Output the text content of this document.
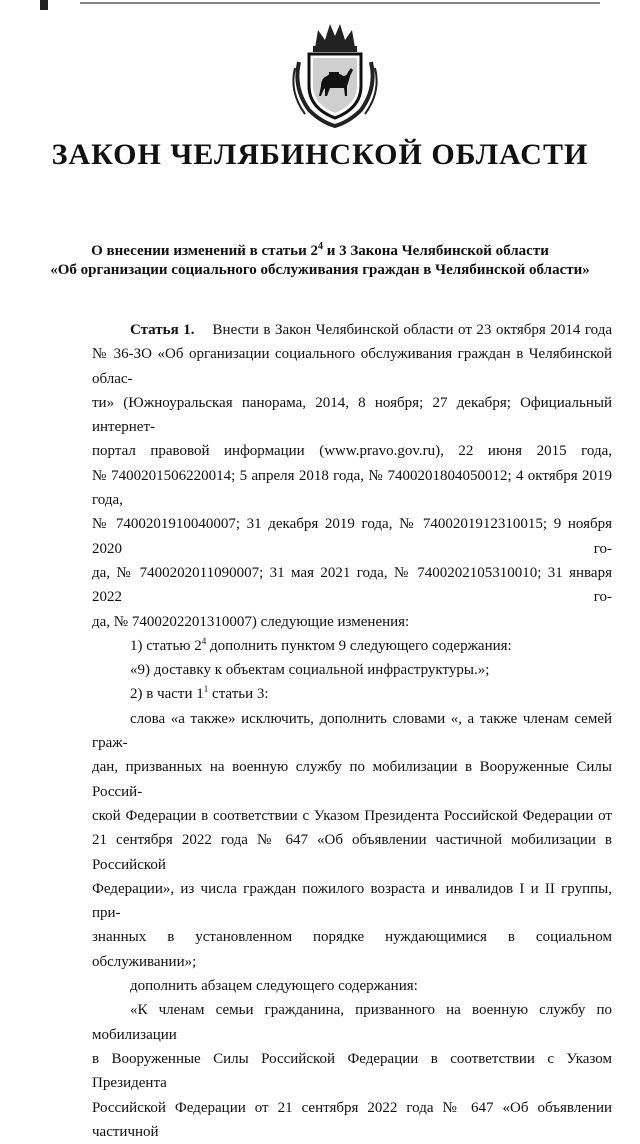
ЗАКОН ЧЕЛЯБИНСКОЙ ОБЛАСТИ
О внесении изменений в статьи $2^4$ и 3 Закона Челябинской области
«Об организации социального обслуживания граждан в Челябинской области»

Статья 1. Внести в Закон Челябинской области от 23 октября 2014 года

№ 36-ЗО «Об организации социального обслуживания граждан в Челябинской облас-

ти» (Южноуральская панорама, 2014, 8 ноября; 27 декабря; Официальный интернет-

портал правовой информации (www.pravo.gov.ru), 22 июня 2015 года,

№ 7400201506220014; 5 апреля 2018 года, № 7400201804050012; 4 октября 2019 года,

№ 7400201910040007; 31 декабря 2019 года, № 7400201912310015; 9 ноября 2020 го-

да, № 7400202011090007; 31 мая 2021 года, № 7400202105310010; 31 января 2022 го-

да, № 7400202201310007) следующие изменения:

1) статью $2^4$ дополнить пунктом 9 следующего содержания:

«9) доставку к объектам социальной инфраструктуры.»;

2) в части $1^1$ статьи 3:

слова «а также» исключить, дополнить словами «, а также членам семей граж-

дан, призванных на военную службу по мобилизации в Вооруженные Силы Россий-

ской Федерации в соответствии с Указом Президента Российской Федерации от

21 сентября 2022 года № 647 «Об объявлении частичной мобилизации в Российской

Федерации», из числа граждан пожилого возраста и инвалидов I и II группы, при-

знанных в установленном порядке нуждающимися в социальном обслуживании»;

дополнить абзацем следующего содержания:

«К членам семьи гражданина, призванного на военную службу по мобилизации

в Вооруженные Силы Российской Федерации в соответствии с Указом Президента

Российской Федерации от 21 сентября 2022 года № 647 «Об объявлении частичной
